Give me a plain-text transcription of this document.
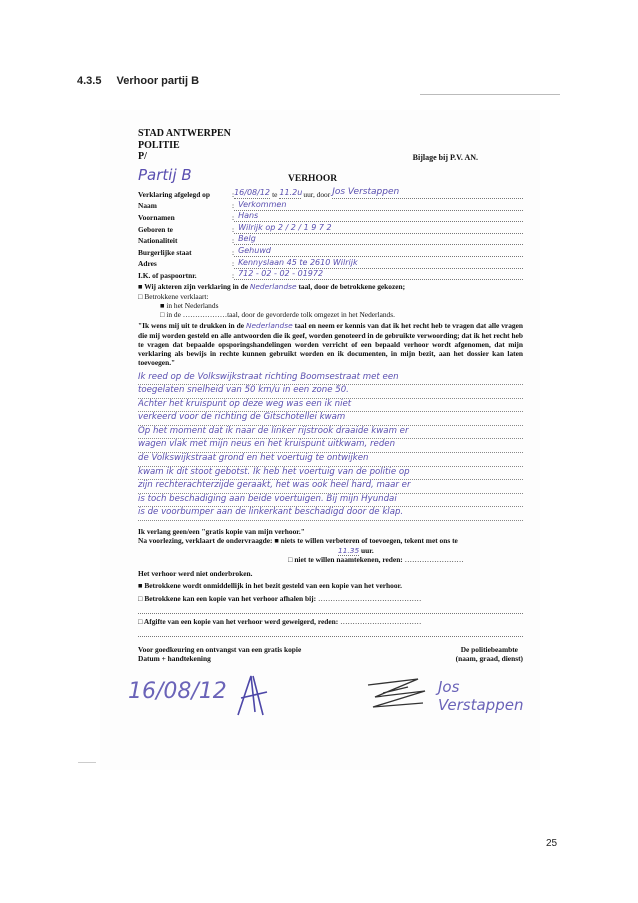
4.3.5 Verhoor partij B
STAD ANTWERPEN
POLITIE
P/	Bijlage bij P.V. AN.
Partij B	VERHOOR
Verklaring afgelegd op	: 16/08/12 te 11.2u uur, door Jos Verstappen
Naam	: Verkommen
Voornamen	: Hans
Geboren te	: Wilrijk op 2 / 2 / 1 9 7 2
Nationaliteit	: Belg
Burgerlijke staat	: Gehuwd
Adres	: Kennyslaan 45 te 2610 Wilrijk
I.K. of paspoortnr.	: 712 - 02 - 02 - 01972
■ Wij akteren zijn verklaring in de Nederlandse taal, door de betrokkene gekozen;
□ Betrokkene verklaart:
■ in het Nederlands
□ in de ………………taal, door de gevorderde tolk omgezet in het Nederlands.
"Ik wens mij uit te drukken in de Nederlandse taal en neem er kennis van dat ik het recht heb te vragen dat alle vragen die mij worden gesteld en alle antwoorden die ik geef, worden genoteerd in de gebruikte verwoording; dat ik het recht heb te vragen dat bepaalde opsporingshandelingen worden verricht of een bepaald verhoor wordt afgenomen, dat mijn verklaring als bewijs in rechte kunnen gebruikt worden en ik documenten, in mijn bezit, aan het dossier kan laten toevoegen."
Ik reed op de Volkswijkstraat richting Boomsestraat met een
toegelaten snelheid van 50 km/u in een zone 50.
Achter het kruispunt op deze weg was een ik niet
verkeerd voor de richting de Gitschotellei kwam
Op het moment dat ik naar de linker rijstrook draaide kwam er
wagen vlak met mijn neus en het kruispunt uitkwam, reden
de Volkswijkstraat grond en het voertuig te ontwijken
kwam ik dit stoot gebotst. Ik heb het voertuig van de politie op
zijn rechterachterzijde geraakt, het was ook heel hard, maar er
is toch beschadiging aan beide voertuigen. Bij mijn Hyundai
is de voorbumper aan de linkerkant beschadigd door de klap.
Ik verlang geen/een "gratis kopie van mijn verhoor."
Na voorlezing, verklaart de ondervraagde: ■ niets te willen verbeteren of toevoegen, tekent met ons te
11.35 uur.
□ niet te willen naamtekenen, reden: ……………………
Het verhoor werd niet onderbroken.
■ Betrokkene wordt onmiddellijk in het bezit gesteld van een kopie van het verhoor.
□ Betrokkene kan een kopie van het verhoor afhalen bij: ……………………………………
□ Afgifte van een kopie van het verhoor werd geweigerd, reden: ……………………………
Voor goedkeuring en ontvangst van een gratis kopie
Datum + handtekening
De politiebeambte
(naam, graad, dienst)
16/08/12	Jos Verstappen
25
